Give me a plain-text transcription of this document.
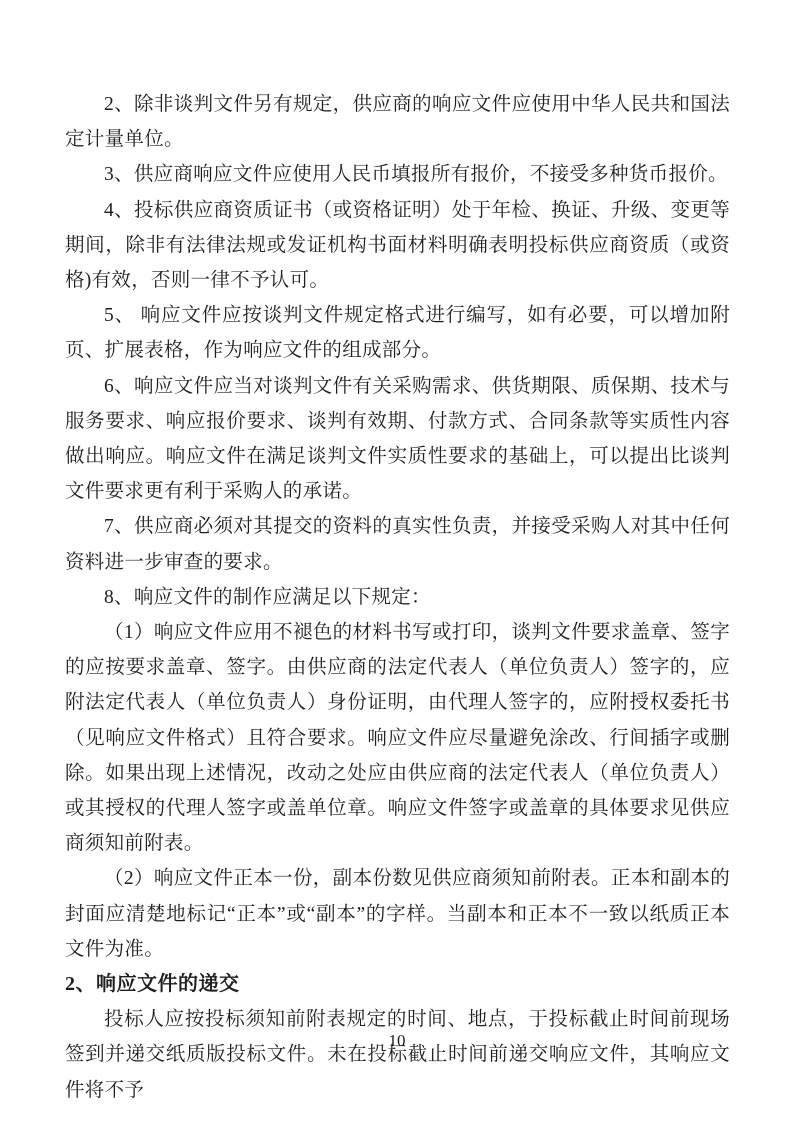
2、除非谈判文件另有规定，供应商的响应文件应使用中华人民共和国法定计量单位。

3、供应商响应文件应使用人民币填报所有报价，不接受多种货币报价。

4、投标供应商资质证书（或资格证明）处于年检、换证、升级、变更等期间，除非有法律法规或发证机构书面材料明确表明投标供应商资质（或资格)有效，否则一律不予认可。

5、 响应文件应按谈判文件规定格式进行编写，如有必要，可以增加附页、扩展表格，作为响应文件的组成部分。

6、响应文件应当对谈判文件有关采购需求、供货期限、质保期、技术与服务要求、响应报价要求、谈判有效期、付款方式、合同条款等实质性内容做出响应。响应文件在满足谈判文件实质性要求的基础上，可以提出比谈判文件要求更有利于采购人的承诺。

7、供应商必须对其提交的资料的真实性负责，并接受采购人对其中任何资料进一步审查的要求。

8、响应文件的制作应满足以下规定：

（1）响应文件应用不褪色的材料书写或打印，谈判文件要求盖章、签字的应按要求盖章、签字。由供应商的法定代表人（单位负责人）签字的，应附法定代表人（单位负责人）身份证明，由代理人签字的，应附授权委托书（见响应文件格式）且符合要求。响应文件应尽量避免涂改、行间插字或删除。如果出现上述情况，改动之处应由供应商的法定代表人（单位负责人）或其授权的代理人签字或盖单位章。响应文件签字或盖章的具体要求见供应商须知前附表。

（2）响应文件正本一份，副本份数见供应商须知前附表。正本和副本的封面应清楚地标记“正本”或“副本”的字样。当副本和正本不一致以纸质正本文件为准。

2、响应文件的递交

投标人应按投标须知前附表规定的时间、地点，于投标截止时间前现场签到并递交纸质版投标文件。未在投标截止时间前递交响应文件，其响应文件将不予

10
